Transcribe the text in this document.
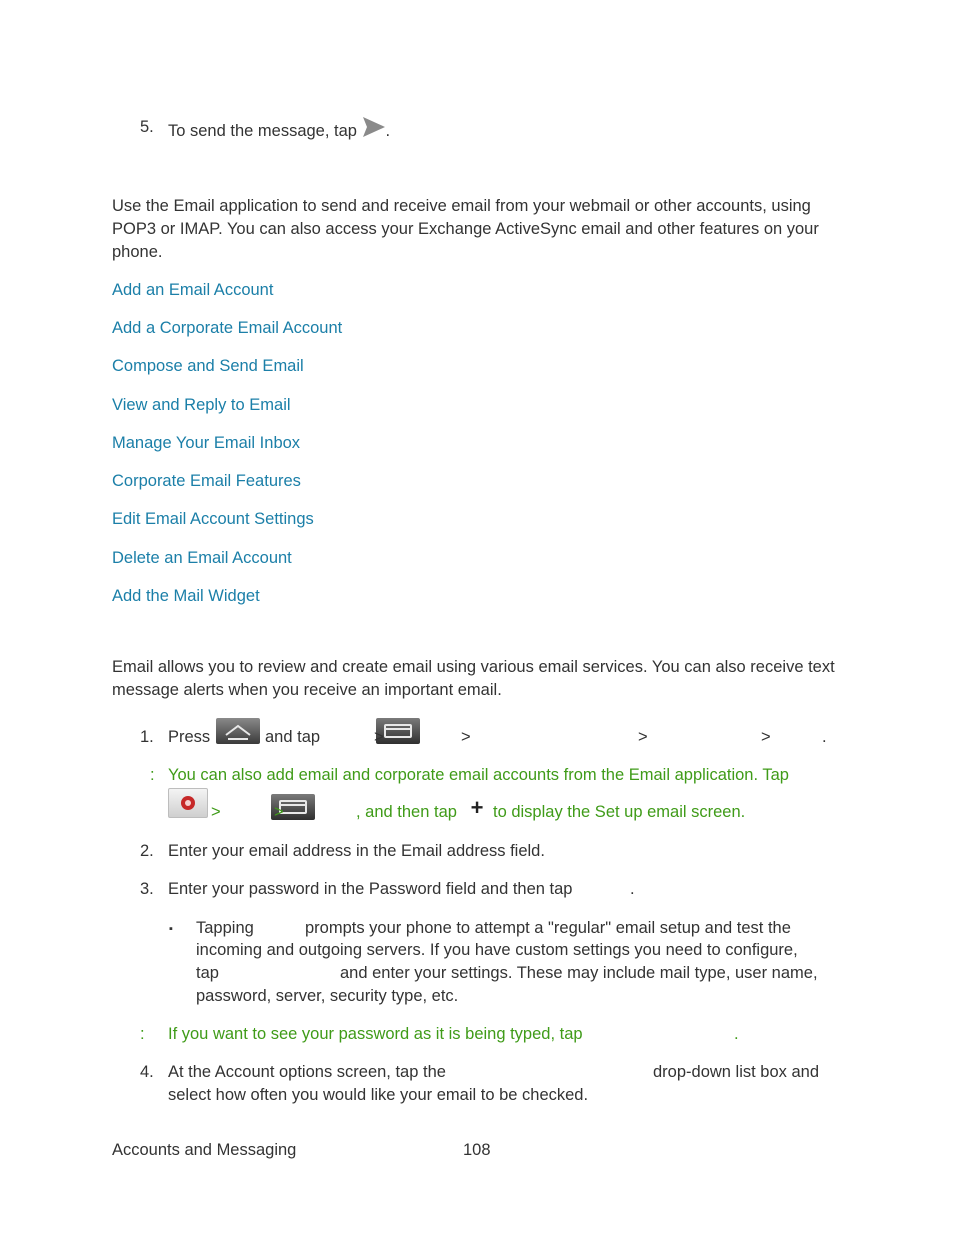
5. To send the message, tap .
Use the Email application to send and receive email from your webmail or other accounts, using POP3 or IMAP. You can also access your Exchange ActiveSync email and other features on your phone.
Add an Email Account
Add a Corporate Email Account
Compose and Send Email
View and Reply to Email
Manage Your Email Inbox
Corporate Email Features
Edit Email Account Settings
Delete an Email Account
Add the Mail Widget
Email allows you to review and create email using various email services. You can also receive text message alerts when you receive an important email.
1. Press
	and tap	>	>	>	>	.
: You can also add email and corporate email accounts from the Email application. Tap

>	>	, and then tap + to display the Set up email screen.
2. Enter your email address in the Email address field.
3. Enter your password in the Password field and then tap	.
▪ Tapping	prompts your phone to attempt a "regular" email setup and test the
incoming and outgoing servers. If you have custom settings you need to configure,
tap	and enter your settings. These may include mail type, user name,
password, server, security type, etc.
: If you want to see your password as it is being typed, tap	.
4. At the Account options screen, tap the	drop-down list box and
select how often you would like your email to be checked.
Accounts and Messaging	108
